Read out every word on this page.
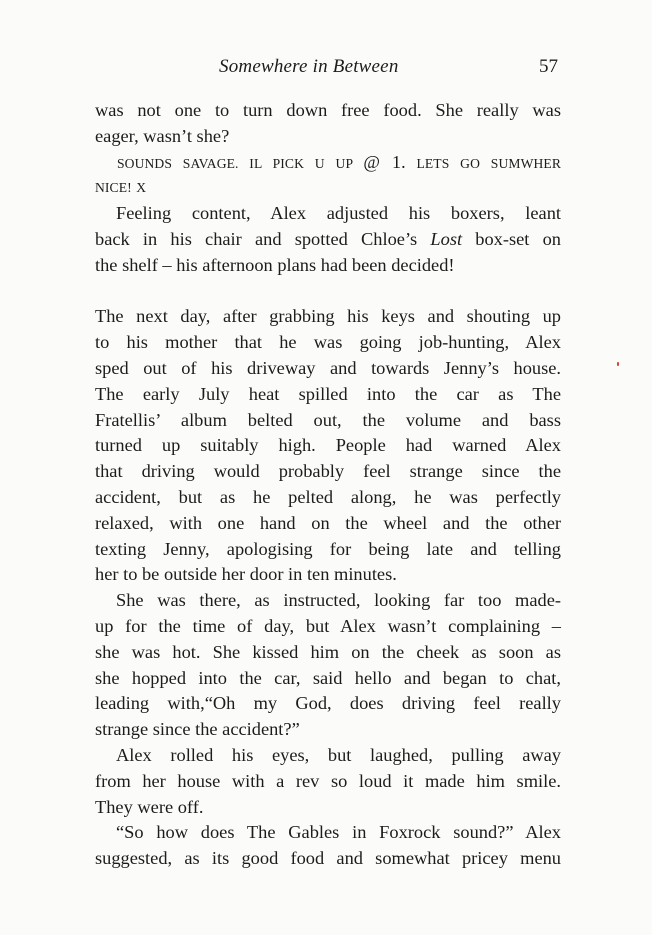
Somewhere in Between	57
was not one to turn down free food. She really was
eager, wasn’t she?
SOUNDS SAVAGE. IL PICK U UP @ 1. LETS GO SUMWHER
NICE! X
Feeling content, Alex adjusted his boxers, leant
back in his chair and spotted Chloe’s Lost box-set on
the shelf – his afternoon plans had been decided!
The next day, after grabbing his keys and shouting up
to his mother that he was going job-hunting, Alex
sped out of his driveway and towards Jenny’s house.
The early July heat spilled into the car as The
Fratellis’ album belted out, the volume and bass
turned up suitably high. People had warned Alex
that driving would probably feel strange since the
accident, but as he pelted along, he was perfectly
relaxed, with one hand on the wheel and the other
texting Jenny, apologising for being late and telling
her to be outside her door in ten minutes.
She was there, as instructed, looking far too made-
up for the time of day, but Alex wasn’t complaining –
she was hot. She kissed him on the cheek as soon as
she hopped into the car, said hello and began to chat,
leading with,“Oh my God, does driving feel really
strange since the accident?”
Alex rolled his eyes, but laughed, pulling away
from her house with a rev so loud it made him smile.
They were off.
“So how does The Gables in Foxrock sound?” Alex
suggested, as its good food and somewhat pricey menu
